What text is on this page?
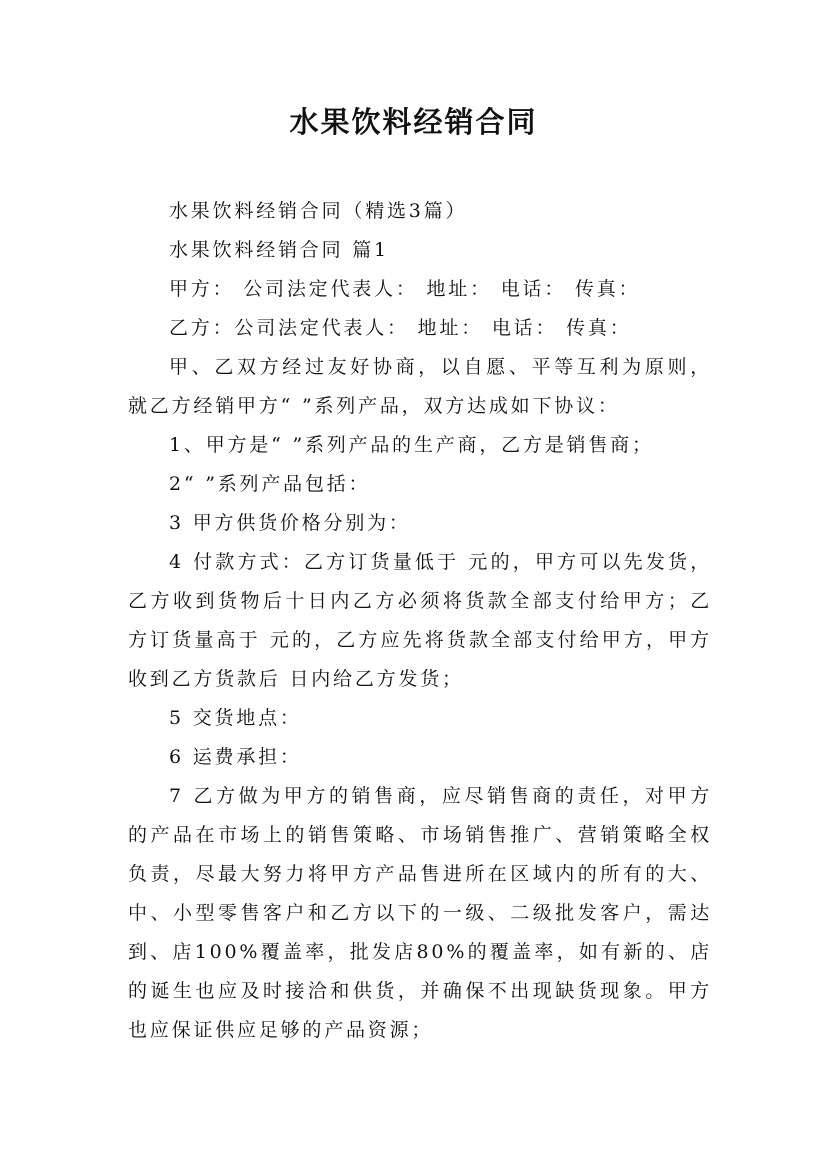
水果饮料经销合同

水果饮料经销合同（精选3篇）

水果饮料经销合同 篇1

甲方： 公司法定代表人： 地址： 电话： 传真：

乙方：公司法定代表人： 地址： 电话： 传真：

甲、乙双方经过友好协商，以自愿、平等互利为原则，就乙方经销甲方“ ”系列产品，双方达成如下协议：

1、甲方是“ ”系列产品的生产商，乙方是销售商；

2“ ”系列产品包括：

3 甲方供货价格分别为：

4 付款方式：乙方订货量低于 元的，甲方可以先发货，乙方收到货物后十日内乙方必须将货款全部支付给甲方；乙方订货量高于 元的，乙方应先将货款全部支付给甲方，甲方收到乙方货款后 日内给乙方发货；

5 交货地点：

6 运费承担：

7 乙方做为甲方的销售商，应尽销售商的责任，对甲方的产品在市场上的销售策略、市场销售推广、营销策略全权负责，尽最大努力将甲方产品售进所在区域内的所有的大、中、小型零售客户和乙方以下的一级、二级批发客户，需达到、店100%覆盖率，批发店80%的覆盖率，如有新的、店的诞生也应及时接洽和供货，并确保不出现缺货现象。甲方也应保证供应足够的产品资源；
